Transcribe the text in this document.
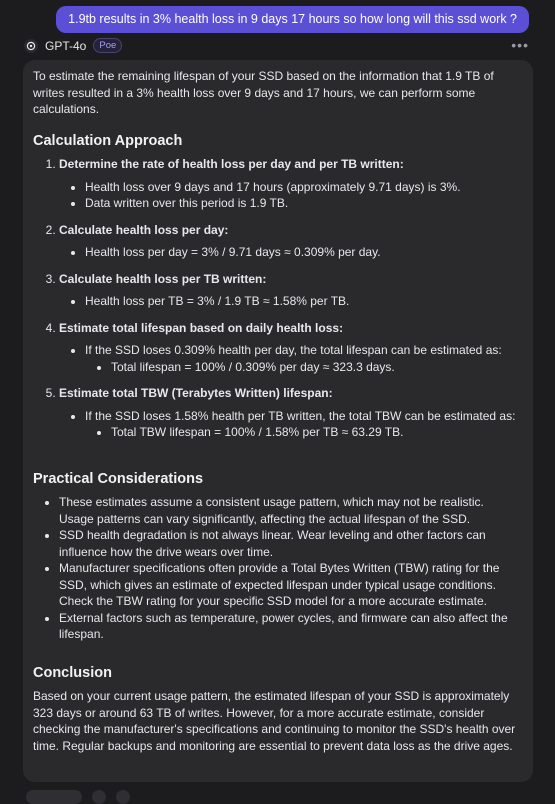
1.9tb results in 3% health loss in 9 days 17 hours so how long will this ssd work ?
GPT-4o	Poe	•••

To estimate the remaining lifespan of your SSD based on the information that 1.9 TB of writes resulted in a 3% health loss over 9 days and 17 hours, we can perform some calculations.

Calculation Approach
1. Determine the rate of health loss per day and per TB written:
• Health loss over 9 days and 17 hours (approximately 9.71 days) is 3%.
• Data written over this period is 1.9 TB.
2. Calculate health loss per day:
• Health loss per day = 3% / 9.71 days ≈ 0.309% per day.
3. Calculate health loss per TB written:
• Health loss per TB = 3% / 1.9 TB ≈ 1.58% per TB.
4. Estimate total lifespan based on daily health loss:
• If the SSD loses 0.309% health per day, the total lifespan can be estimated as:
• Total lifespan = 100% / 0.309% per day ≈ 323.3 days.
5. Estimate total TBW (Terabytes Written) lifespan:
• If the SSD loses 1.58% health per TB written, the total TBW can be estimated as:
• Total TBW lifespan = 100% / 1.58% per TB ≈ 63.29 TB.
Practical Considerations
• These estimates assume a consistent usage pattern, which may not be realistic. Usage patterns can vary significantly, affecting the actual lifespan of the SSD.
• SSD health degradation is not always linear. Wear leveling and other factors can influence how the drive wears over time.
• Manufacturer specifications often provide a Total Bytes Written (TBW) rating for the SSD, which gives an estimate of expected lifespan under typical usage conditions. Check the TBW rating for your specific SSD model for a more accurate estimate.
• External factors such as temperature, power cycles, and firmware can also affect the lifespan.
Conclusion

Based on your current usage pattern, the estimated lifespan of your SSD is approximately 323 days or around 63 TB of writes. However, for a more accurate estimate, consider checking the manufacturer's specifications and continuing to monitor the SSD's health over time. Regular backups and monitoring are essential to prevent data loss as the drive ages.
